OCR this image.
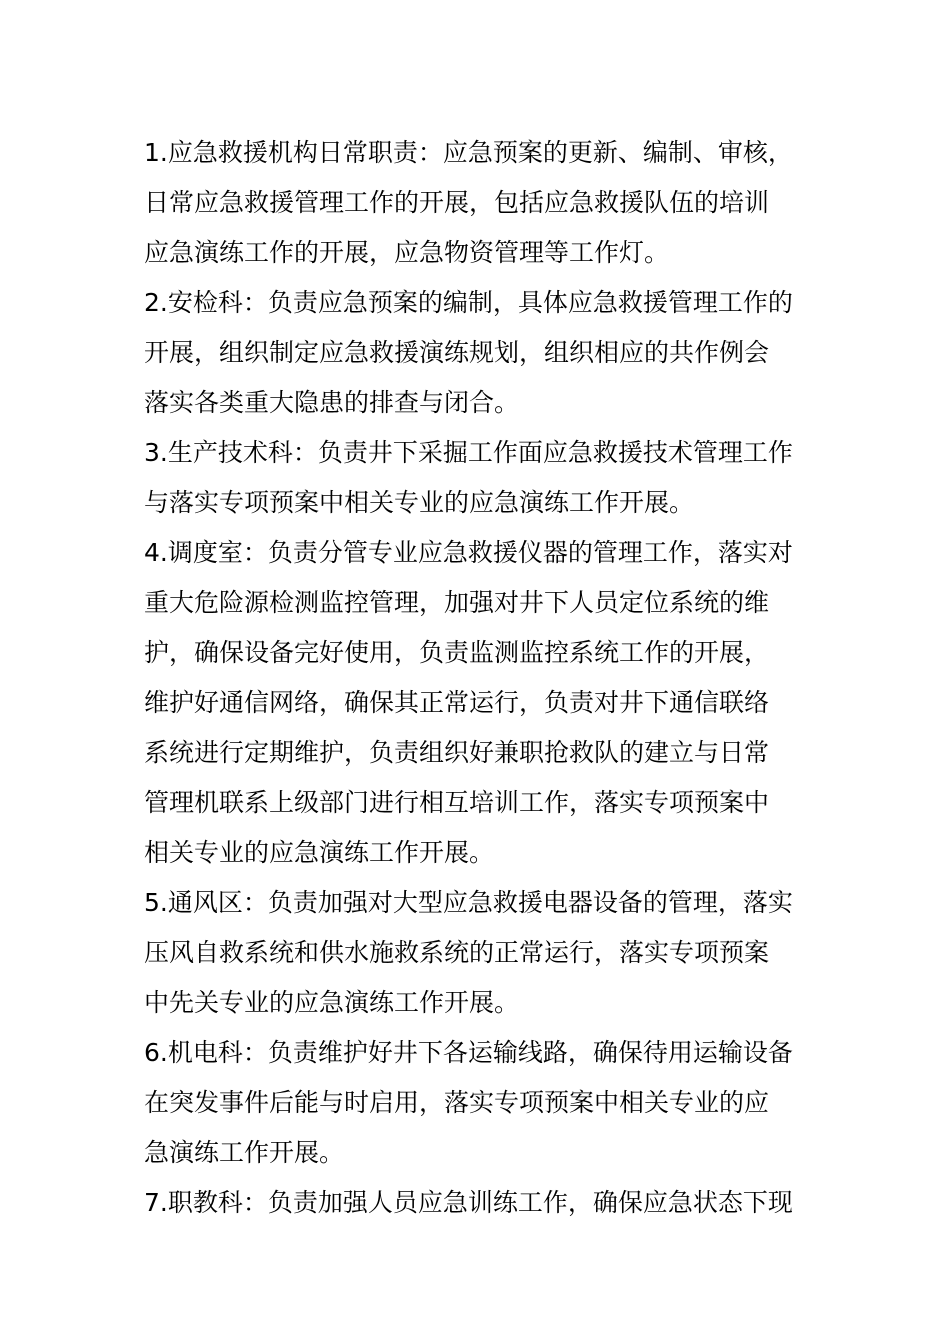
1.应急救援机构日常职责：应急预案的更新、编制、审核，
日常应急救援管理工作的开展，包括应急救援队伍的培训
应急演练工作的开展，应急物资管理等工作灯。
2.安检科：负责应急预案的编制，具体应急救援管理工作的
开展，组织制定应急救援演练规划，组织相应的共作例会
落实各类重大隐患的排查与闭合。
3.生产技术科：负责井下采掘工作面应急救援技术管理工作
与落实专项预案中相关专业的应急演练工作开展。
4.调度室：负责分管专业应急救援仪器的管理工作，落实对
重大危险源检测监控管理，加强对井下人员定位系统的维
护，确保设备完好使用，负责监测监控系统工作的开展，
维护好通信网络，确保其正常运行，负责对井下通信联络
系统进行定期维护，负责组织好兼职抢救队的建立与日常
管理机联系上级部门进行相互培训工作，落实专项预案中
相关专业的应急演练工作开展。
5.通风区：负责加强对大型应急救援电器设备的管理，落实
压风自救系统和供水施救系统的正常运行，落实专项预案
中先关专业的应急演练工作开展。
6.机电科：负责维护好井下各运输线路，确保待用运输设备
在突发事件后能与时启用，落实专项预案中相关专业的应
急演练工作开展。
7.职教科：负责加强人员应急训练工作，确保应急状态下现
